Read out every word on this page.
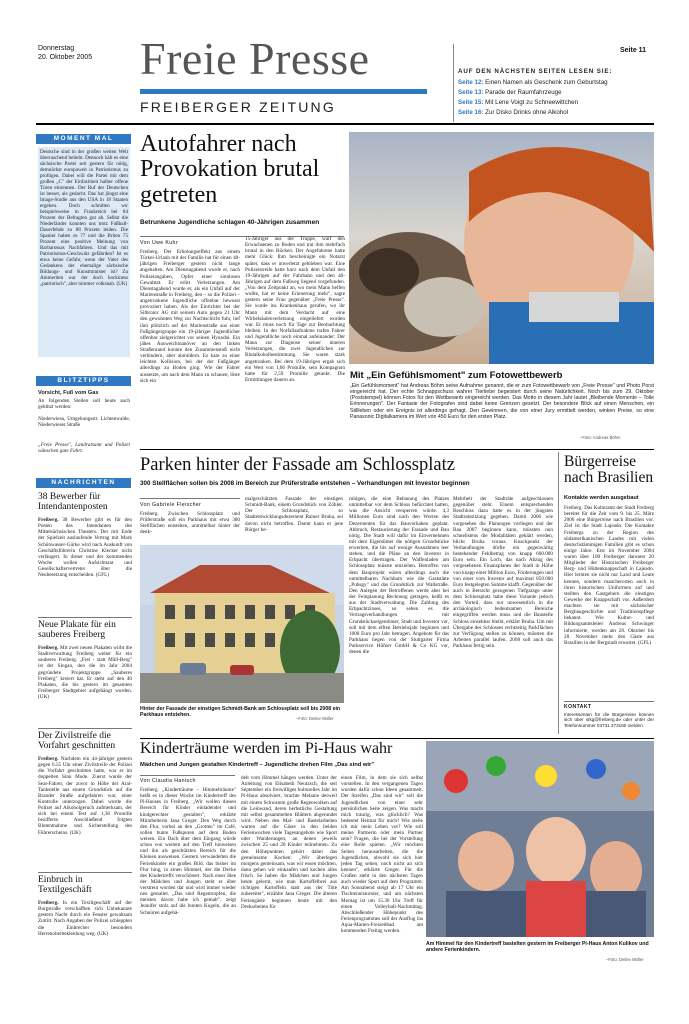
Donnerstag
20. Oktober 2005 Freie Presse
FREIBERGER ZEITUNG
Seite 11
AUF DEN NÄCHSTEN SEITEN LESEN SIE:
Seite 12: Einen Namen als Geschenk zum Geburtstag
Seite 13: Parade der Raumfahrzeuge
Seite 15: Mit Lene Voigt zu Schneewittchen
Seite 16: Zur Disko Drinks ohne Alkohol
MOMENT MAL
Deutsche sind in der großen weiten Welt überraschend beliebt. Dennoch hält es eine sächsische Partei seit gestern für nötig, demnächst europaweit in Patriotismus zu prolligen. Dabei will die Partei mit dem großen „C" der Einfachheit halber offene Türen einrennen. Der Ruf der Deutschen ist besser, als gedacht. Das hat jüngst eine Image-Studie aus den USA in 18 Staaten ergeben. Doch schnitten wir beispielsweise in Frankreich bei 84 Prozent der Befragten gut ab. Selbst die Niederländer konnten uns trotz Fußball-Dauerfehde zu 88 Prozent leiden. Die Spanier haben es 77 und die Briten 75 Prozent eine positive Meinung von Barbarossas Nachfahren. Und das mit Patriotismus-Geschwätz gefährden? Ist es etwa keine Gefahr, wenn der Vater des Gedankens der ehemalige sächsische Bildungs- und Kunstminister ist? Zu Ammeriten war der doch bockiness „patriotisch", aber nimmer volksnah. (UK)
BLITZTIPPS
Vorsicht, Fuß vom Gas
An folgenden Stellen soll heute auch geblitzt werden:
Niederwiesa, Umgehungsstr. Lichtenwalde, Niederwieser Straße
„Freie Presse", Landratsamt und Polizei wünschen gute Fahrt.
NACHRICHTEN
38 Bewerber für Intendantenposten
Freiberg. 38 Bewerber gibt es für den Posten des Intendanten des Mittelsächsischen Theaters. Der mit Ende der Spielzeit auslaufende Vertrag mit Mark Schönwasser-Gürke wird nach Auskunft von Geschäftsführerin Christine Klecker nicht verlängert. In dieser und der kommenden Woche wollen Aufsichtsrat und Gesellschaftervertreter über die Neubesetzung entscheiden. (GFL)
Neue Plakate für ein sauberes Freiberg
Freiberg. Mit zwei neuen Plakaten wirbt die Stadtverwaltung Freiberg weiter für ein sauberes Freiberg. „Frei - statt Müll-Berg" ist der Slogan, den die im Jahr 2004 gegründete Projektgruppe „Sauberes Freiberg" kreiert hat. Er steht auf den 40 Plakaten, die bis gestern im gesamten Freiberger Stadtgebiet aufgehängt wurden. (UK)
Der Zivilstreife die Vorfahrt geschnitten
Freiberg. Nachdem ein 44-jähriger gestern gegen 6.55 Uhr einer Zivilstreife der Polizei die Vorfahrt geschnitten hatte, war er im doppelten Sinn Mode. Zuerst wurde der Seat-Fahrer, der zuvor in Höhe der Aral-Tankstelle aus einem Grundstück auf die Brander Straße aufgefahren war, einer Kontrolle unterzogen. Dabei wurde die Polizei auf Alkoholgeruch aufmerksam, der sich bei einem Test auf 1,36 Promille bezifferte. Anschließend folgten Blutentnahme und Sicherstellung des Führerscheins. (UK)
Einbruch in Textilgeschäft
Freiberg. In ein Textilgeschäft auf der Burgstraße verschafften sich Unbekannte gestern Nacht durch ein Fenster gewaltsam Zutritt. Nach Angaben der Polizei schleppten die Einbrecher besonders Herrenoberbekleidung weg. (UK)
Autofahrer nach Provokation brutal getreten
Betrunkene Jugendliche schlagen 40-Jährigen zusammen
Von Uwe Kuhr
Freiberg. Der Erholungseffekt aus einem Türkei-Urlaub mit der Familie hat für einen 40-jährigen Freiberger gestern nicht lange angehalten. Am Dienstagabend wurde er, nach Polizeiangaben, Opfer einer sinnlosen Gewalttat. Er erlitt Verletzungen. Am Dienstagabend wurde er, als ein Unfall auf der Marienstraße in Freiberg, den – so die Polizei – angetrunkene Jugendliche offenbar bewusst provoziert haben. Als der Einrichter bei der Silbronic AG mit seinem Auto gegen 21 Uhr den gewohnten Weg zur Nachtschicht fuhr, lief ihm plötzlich auf der Marienstraße aus einer Fußgängergruppe ein 19-jähriger Jugendlicher offenbar zielgerichtet vor seinen Hyundai. Ein jähes Ausweichmanöver an den linken Straßenrand konnte den Zusammenstoß nicht verhindern, aber abmildern. Es kam zu einer leichten Kollision, bei der der Fußgänger allerdings zu Boden ging. Wie der Fahrer aussetzte, um nach dem Mann zu schauen, löste sich ein
15-Jähriger aus der Truppe, warf den Erwachsenen zu Boden und trat ihm mehrfach brutal in den Rücken. Der Angefahrene hatte mehr Glück: Ihm bescheinigte ein Notarzt später, dass er unverletzt geblieben war. Eine Polizeistreife hatte kurz nach dem Unfall den 19-Jährigen auf der Fahrbahn und den 40-Jährigen auf dem Fußweg liegend vorgefunden. „Von dem Zeitpunkt an, wo mein Mann helfen wollte, hat er keine Erinnerung mehr", sagte gestern seine Frau gegenüber „Freie Presse". Sie wurde ins Krankenhaus gerufen, wo ihr Mann mit dem Verdacht auf eine Wirbelsäulenverletzung eingeliefert worden war. Er muss noch für Tage zur Beobachtung bleiben. In der Notfallaufnahme trafen Fahrer und Jugendliche noch einmal aufeinander: Der Mann zur Diagnose seiner inneren Verletzungen, die zwei Jugendlichen zur Blutalkoholbestimmung. Sie waren stark angetrunken. Bei dem 19-Jährigen ergab sich ein Wert von 1,06 Promille, sein Kompagnon hatte für 2,59 Promille getankt. Die Ermittlungen dauern an.	Mit „Ein Gefühlsmoment" zum Fotowettbewerb
„Ein Gefühlsmoment" hat Andreas Böhm seine Aufnahme genannt, die er zum Fotowettbewerb von „Freie Presse" und Photo Porst eingereicht hat. Der echte Schnappschuss wahrer Tierliebe begeistert durch seine Natürlichkeit. Noch bis zum 29. Oktober (Poststempel) können Fotos für den Wettbewerb eingereicht werden. Das Motto in diesem Jahr lautet „Bleibende Momente – Tolle Erinnerungen". Der Fantasie der Fotografen sind dabei keine Grenzen gesetzt. Der besondere Blick auf einen Menschen, ein Stillleben oder ein Ereignis ist allerdings gefragt. Den Gewinnern, die von einer Jury ermittelt werden, winken Preise, so eine Panasonic Digitalkamera im Wert von 450 Euro für den ersten Platz.
–Foto: Andreas Böhm
Parken hinter der Fassade am Schlossplatz
300 Stellflächen sollen bis 2008 im Bereich zur Prüferstraße entstehen – Verhandlungen mit Investor beginnen
Von Gabriele Fleischer
Freiberg. Zwischen Schlossplatz und Prüferstraße soll ein Parkhaus mit etwa 300 Stellflächen entstehen, unmittelbar hinter der denk-
malgeschützten Fassade der einstigen Schmidt-Bank, einem Grundstück von Zöhler. Der Schlossplatz, so Stadtentwicklungsdezernent Rainer Bruha, sei davon nicht betroffen. Damit kann er jene Bürger be-
Hinter der Fassade der einstigen Schmidt-Bank am Schlossplatz soll bis 2008 ein Parkhaus entstehen.
–Foto: Detlev Müller
ruhigen, die eine Bebauung des Platzes unmittelbar vor dem Schloss befürchtet hatten, was die Ansicht versperren würde. 4,3 Millionen Euro sind nach den Worten des Dezernenten für das Bauvorhaben geplant. Abbruch, Restaurierung der Fassade und Bau nötig. Die Stadt will dafür im Einvernehmen mit dem Eigentümer die nötigen Grundstücke erwerben, die bis auf wenige Ausnahmen leer stehen, und die Pläne an den Investor in Erbpacht übertragen. Der Waffenladen am Schlossplatz müsste umziehen. Betroffen von dem Bauprojekt wären allerdings auch die unmittelbaren Nachbarn wie die Gaststätte „Pubsgy" und das Grundstück zur Wallstraße. Den Anlegen der Betroffenen werde aber bei der Feinplanung Rechnung getragen, heißt es aus der Stadtverwaltung. Die Zahlung des Erbpachtzinses, so sehen es die Vertragsverhandlungen mit Grundstückseigentümer, Stadt und Investor vor, soll mit dem elften Betriebsjahr beginnen und 1000 Euro pro Jahr betragen. Angebote für das Parkhaus liegen von der Stuttgarter Firma Parkservice Hüfner GmbH & Co KG vor, denen die
Mehrheit der Stadträte aufgeschlossen gegenüber steht. Einem entsprechenden Beschluss dazu hatte es in der jüngsten Stadtratssitzung gegeben. Damit 2006 wie vorgesehen die Planungen vorliegen und der Bau 2007 beginnen kann, müssten nun schnellstens die Modalitäten geklärt werden, blickt Bruha voraus. Knackpunkt der Verhandlungen dürfte ein gegenwärtig bestehender Fehlbetrag von knapp 600.000 Euro sein. Ein Loch, das nach Abzug des vorgesehenen Finanzplanes der Stadt in Höhe von knapp einer Million Euro, Förderungen und von einer vom Investor auf maximal 850.000 Euro festgelegten Summe klafft. Gegenüber der auch in Betracht gezogenen Tiefgarage unter dem Schlossplatz habe diese Variante jedoch den Vorteil, dass nur unwesentlich in die archäologisch bedeutsamen Bereiche eingegriffen werden muss und die Baustelle Schloss einsehbar bleibt, erklärt Bruha. Um mit Übergabe des Schlosses rechtzeitig Parkflächen zur Verfügung stellen zu können, müssten die Arbeiten parallel laufen. 2008 soll auch das Parkhaus fertig sein.
Bürgerreise nach Brasilien
Kontakte werden ausgebaut
Freiberg. Das Kulturamt der Stadt Freiberg bereitet für die Zeit vom 9. bis 25. März 2006 eine Bürgerreise nach Brasilien vor. Ziel ist die Stadt Lajeado. Die Kontakte Freibergs zu der Region des südamerikanischen Landes mit vielen deutschstämmigen Familien gibt es schon einige Jahre. Erst im November 2004 waren über 100 Freiberger darunter 20 Mitglieder der Historischen Freiberger Berg- und Hüttenknappschaft in Lajeado. Hier lernten sie nicht nur Land und Leute kennen, sondern mancherorten auch in ihren historischen Uniformen auf und stellten den Gastgebern die einstigen Gewerke der Knappschaft vor. Außerdem machten sie mit sächsischer Bergbaugeschichte und Traditionspflege bekannt. Wie Kultur- und Bildungsamtsleiter Andreas Schwinger informierte, werden am 28. Oktober bis 28. November mehr den Gäste aus Brasilien in der Bergstadt erwartet. (GFL)
KONTAKT
Interessenten für die Bürgerreise können sich über stkg@freiberg.de oder unter der Telefonnummer 03731 273180 melden.
Kinderträume werden im Pi-Haus wahr
Mädchen und Jungen gestalten Kindertreff – Jugendliche drehen Film „Das sind wir"
Von Claudia Hanisch
Freiberg. „Kinderträume – Himmelträume" heißt es in dieser Woche im Kindertreff des Pi-Hauses in Freiberg. „Wir wollen diesen Bereich für Kinder einladender und kindgerechter gestalten", erklärte Mitarbeiterin Jana Greger. Den Weg durch den Flur, vorbei an den „Grotten" im Café, sollen bunte Fußspuren auf dem Boden weisen. Ein Dach über dem Eingang würde schon von weitem auf den Treff hinweisen und ihn als geschützten Bereich für die Kleinen ausweisen. Gestern verwandelten die Ferienkinder ein großes Bild, das bisher im Flur hing, in einen Himmel, der die Decke des Kindertreffs verschönert. Nach einer Idee der Mädchen und Jungen steht er über verstreut worden dar und wird immer wieder neu gestaltet. „Das sind Regentropfen, die meisten davon habe ich gemalt", zeigt Jennifer stolz auf die bunten Kugeln, die an Schnüren aufgehä-
delt vom Himmel hängen werden. Unter der Anleitung von Elisabeth Neutzsch, die seit September ein freiwilliges kulturelles Jahr im Pi-Haus absolviert, brachte Melanie derweil mit einem Schwamm große Regenwolken auf die Leinwand, deren herbstliche Gestaltung mit selbst gesammelten Blättern abgerundet wird. Neben den Mal- und Bastelarbeiten warten auf die Gäste in den beiden Ferienwochen viele Tagesangebote wie Sport oder Wanderungen, an denen jeweils zwischen 25 und 20 Kinder teilnehmen. Zu den Höhepunkten gehört dabei das gemeinsame Kochen: „Wir überlegen morgens gemeinsam, was wir essen möchten, dann gehen wir einkaufen und kochen alles frisch. So haben die Mädchen und Jungen heute gelernt, wie man Kartoffelbrei aus richtigen Kartoffeln statt aus der Tüte zubereitet", erzählte Jana Greger. Die älteren Feriengäste beginnen heute mit den Dreharbeiten für
einen Film, in dem sie sich selbst vorstellen. In den vergangenen Tagen wurden dafür schon Ideen gesammelt. Der Streifen „Das sind wir" soll die Jugendlichen von einer sehr persönlichen Seite zeigen. Was macht mich traurig, was glücklich? Was bedeutet Heimat für mich? Wie stelle ich mir mein Leben vor? Wie soll meine Partnerin oder mein Partner sein? Fragen, die bei der Vorstellung eine Rolle spielen. „Wir möchten Seiten herausarbeiten, die die Jugendlichen, obwohl sie sich hier jeden Tag sehen, noch nicht an sich kennen", erklärte Greger. Für die Großen steht in den nächsten Tagen auch wieder Sport auf dem Programm: Am Sonnabend steigt ab 17 Uhr ein Tischtennisturnier, und am nächsten Montag ist um 15.30 Uhr Treff für einen Volleyball-Nachmittag. Abschließender Höhepunkt des Ferienprogrammes soll der Ausflug ins Aqua-Marien-Freizeitbad am kommenden Freitag werden.
Am Himmel für den Kindertreff bastelten gestern im Freiberger Pi-Haus Anton Kulikov und andere Ferienkindern.
–Foto: Detlev Müller
